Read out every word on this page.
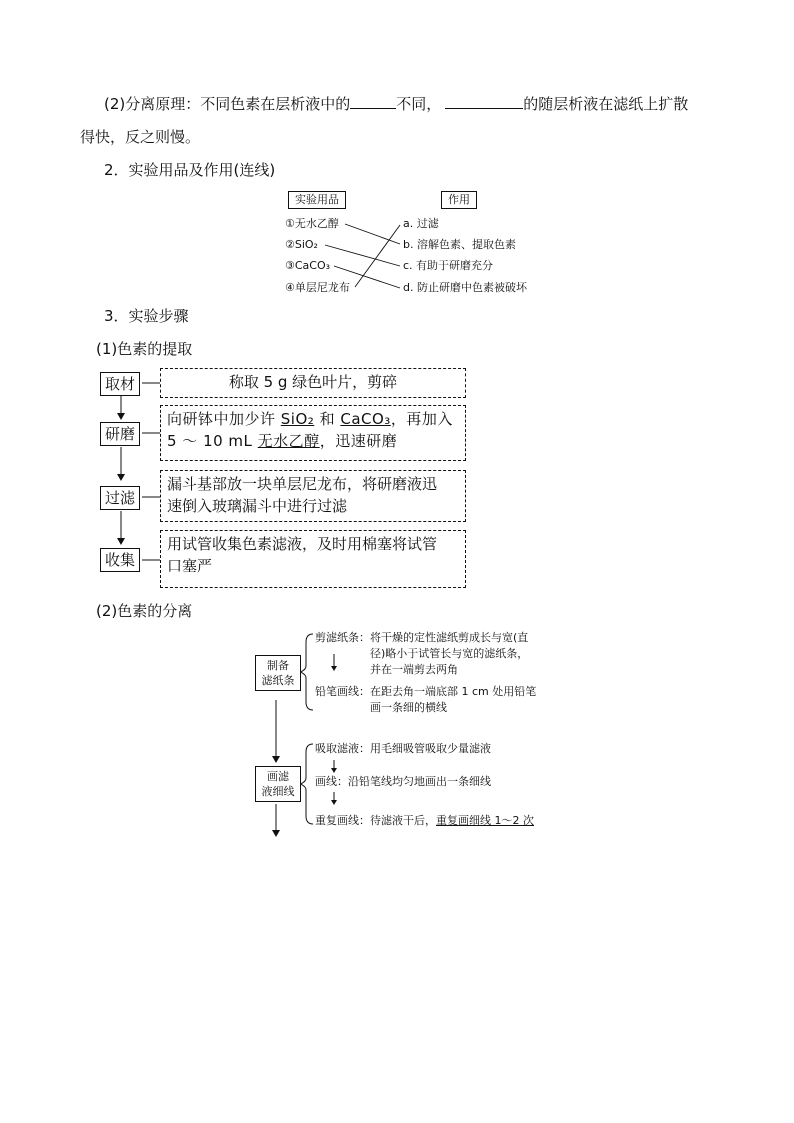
(2)分离原理：不同色素在层析液中的	不同，	的随层析液在滤纸上扩散
得快，反之则慢。
2．实验用品及作用(连线)
实验用品	作用
①无水乙醇
②SiO₂
③CaCO₃
④单层尼龙布
a. 过滤
b. 溶解色素、提取色素
c. 有助于研磨充分
d. 防止研磨中色素被破坏
3．实验步骤
(1)色素的提取
取材
研磨
过滤
收集
称取 5 g 绿色叶片，剪碎
向研钵中加少许 SiO₂ 和 CaCO₃，再加入
5 ～ 10 mL 无水乙醇，迅速研磨
漏斗基部放一块单层尼龙布，将研磨液迅
速倒入玻璃漏斗中进行过滤
用试管收集色素滤液，及时用棉塞将试管
口塞严
(2)色素的分离
制备
滤纸条
剪滤纸条：将干燥的定性滤纸剪成长与宽(直
径)略小于试管长与宽的滤纸条，
并在一端剪去两角
铅笔画线：在距去角一端底部 1 cm 处用铅笔
画一条细的横线
画滤
液细线
吸取滤液：用毛细吸管吸取少量滤液
画线：沿铅笔线均匀地画出一条细线
重复画线：待滤液干后，重复画细线 1～2 次
